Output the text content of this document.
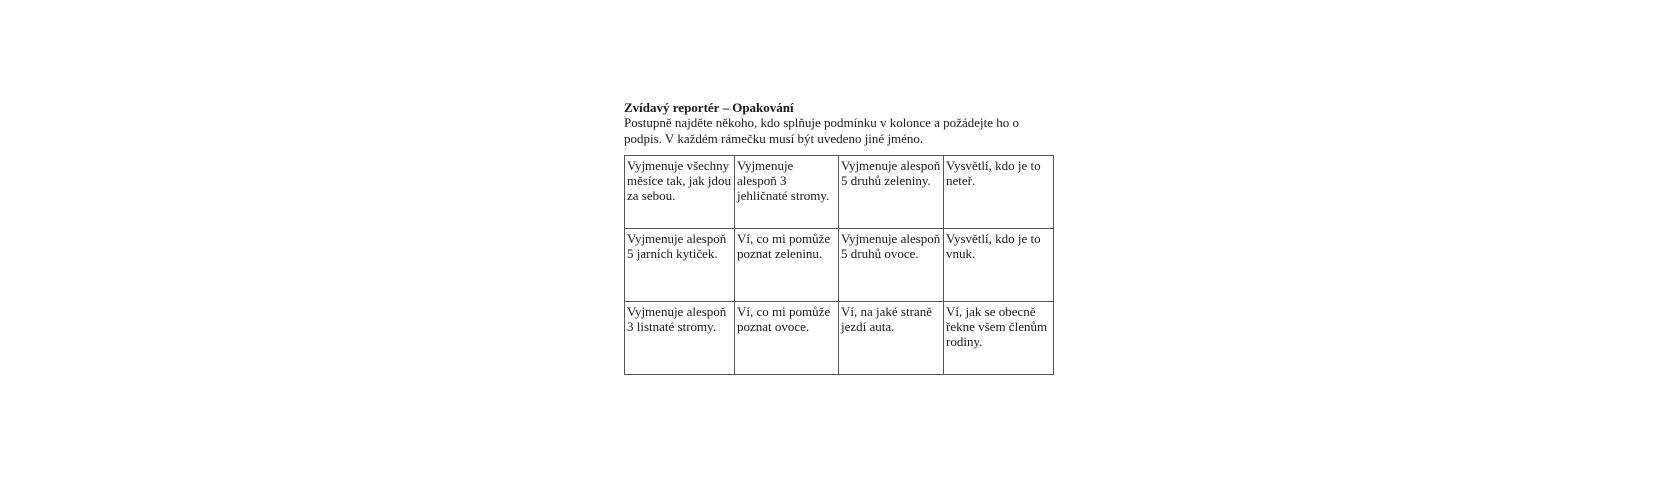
Zvídavý reportér – Opakování

Postupně najděte někoho, kdo splňuje podmínku v kolonce a požádejte ho o podpis. V každém rámečku musí být uvedeno jiné jméno.

Vyjmenuje všechny měsíce tak, jak jdou za sebou.	Vyjmenuje alespoň 3 jehličnaté stromy.	Vyjmenuje alespoň 5 druhů zeleniny.	Vysvětlí, kdo je to neteř.
Vyjmenuje alespoň 5 jarních kytiček.	Ví, co mi pomůže poznat zeleninu.	Vyjmenuje alespoň 5 druhů ovoce.	Vysvětlí, kdo je to vnuk.
Vyjmenuje alespoň 3 listnaté stromy.	Ví, co mi pomůže poznat ovoce.	Ví, na jaké straně jezdí auta.	Ví, jak se obecně řekne všem členům rodiny.
